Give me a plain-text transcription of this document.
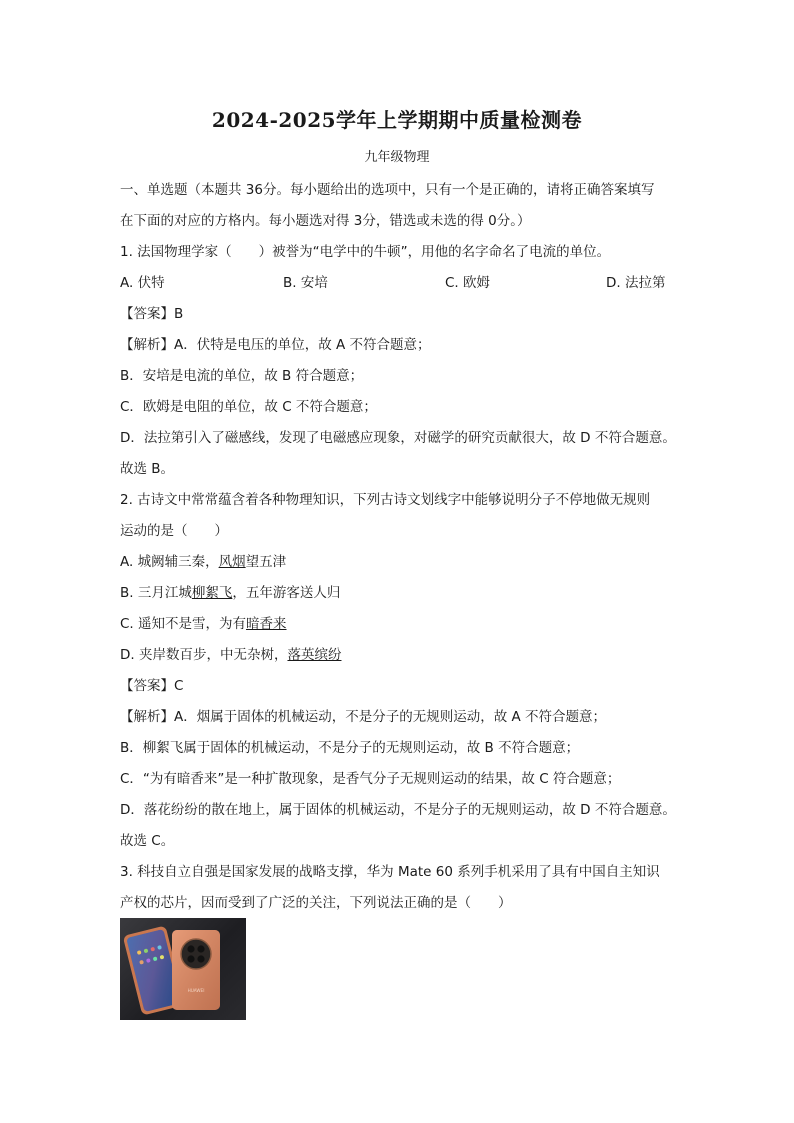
2024-2025学年上学期期中质量检测卷
九年级物理
一、单选题（本题共 36分。每小题给出的选项中，只有一个是正确的，请将正确答案填写
在下面的对应的方格内。每小题选对得 3分，错选或未选的得 0分。）
1. 法国物理学家（　　）被誉为“电学中的牛顿”，用他的名字命名了电流的单位。
A. 伏特	B. 安培	C. 欧姆	D. 法拉第
【答案】B
【解析】A．伏特是电压的单位，故 A 不符合题意；
B．安培是电流的单位，故 B 符合题意；
C．欧姆是电阻的单位，故 C 不符合题意；
D．法拉第引入了磁感线，发现了电磁感应现象，对磁学的研究贡献很大，故 D 不符合题意。
故选 B。
2. 古诗文中常常蕴含着各种物理知识，下列古诗文划线字中能够说明分子不停地做无规则
运动的是（　　）
A. 城阙辅三秦，风烟望五津
B. 三月江城柳絮飞，五年游客送人归
C. 遥知不是雪，为有暗香来
D. 夹岸数百步，中无杂树，落英缤纷
【答案】C
【解析】A．烟属于固体的机械运动，不是分子的无规则运动，故 A 不符合题意；
B．柳絮飞属于固体的机械运动，不是分子的无规则运动，故 B 不符合题意；
C．“为有暗香来”是一种扩散现象，是香气分子无规则运动的结果，故 C 符合题意；
D．落花纷纷的散在地上，属于固体的机械运动，不是分子的无规则运动，故 D 不符合题意。
故选 C。
3. 科技自立自强是国家发展的战略支撑，华为 Mate 60 系列手机采用了具有中国自主知识
产权的芯片，因而受到了广泛的关注，下列说法正确的是（　　）
HUAWEI
